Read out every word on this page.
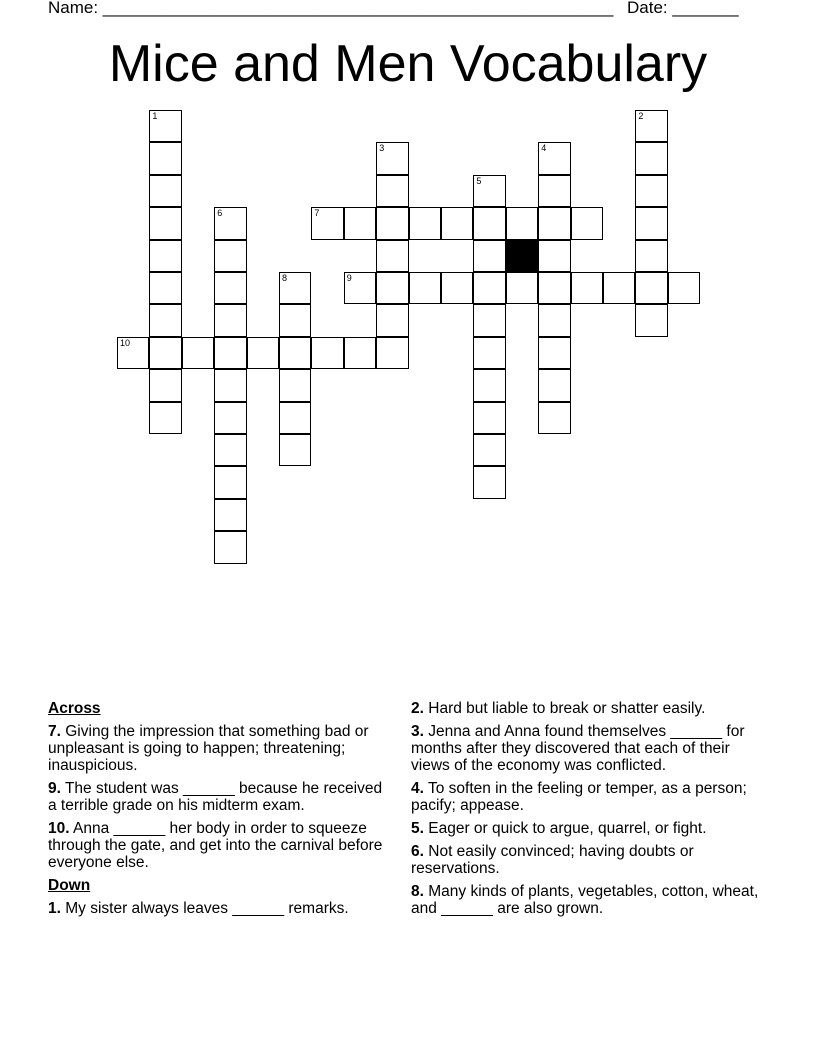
Name: ______________________________________________________ Date: _______
Mice and Men Vocabulary
1	2
3	4
5
6	7
8	9
10
Across
7. Giving the impression that something bad or unpleasant is going to happen; threatening; inauspicious.
9. The student was ______ because he received a terrible grade on his midterm exam.
10. Anna ______ her body in order to squeeze through the gate, and get into the carnival before everyone else.
Down
1. My sister always leaves ______ remarks.
2. Hard but liable to break or shatter easily.
3. Jenna and Anna found themselves ______ for months after they discovered that each of their views of the economy was conflicted.
4. To soften in the feeling or temper, as a person; pacify; appease.
5. Eager or quick to argue, quarrel, or fight.
6. Not easily convinced; having doubts or reservations.
8. Many kinds of plants, vegetables, cotton, wheat, and ______ are also grown.
